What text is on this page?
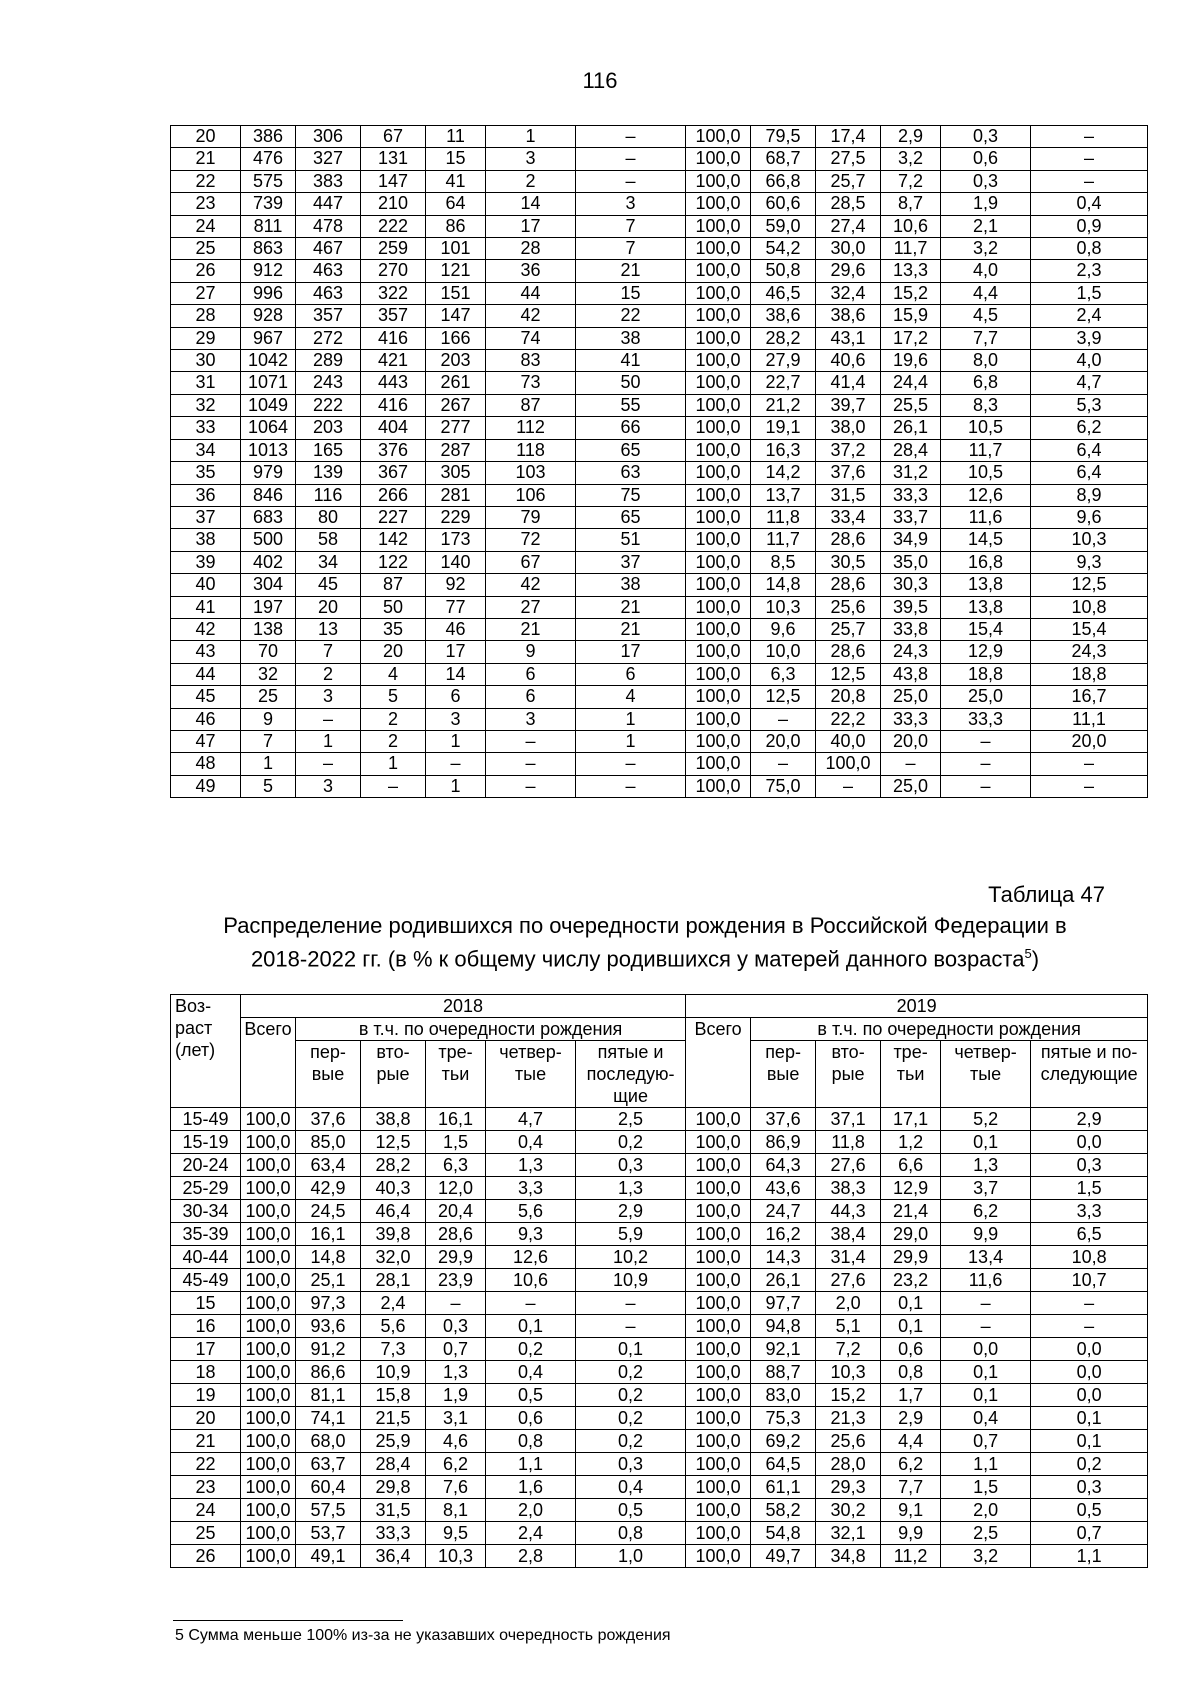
116
20	386	306	67	11	1	–	100,0	79,5	17,4	2,9	0,3	–
21	476	327	131	15	3	–	100,0	68,7	27,5	3,2	0,6	–
22	575	383	147	41	2	–	100,0	66,8	25,7	7,2	0,3	–
23	739	447	210	64	14	3	100,0	60,6	28,5	8,7	1,9	0,4
24	811	478	222	86	17	7	100,0	59,0	27,4	10,6	2,1	0,9
25	863	467	259	101	28	7	100,0	54,2	30,0	11,7	3,2	0,8
26	912	463	270	121	36	21	100,0	50,8	29,6	13,3	4,0	2,3
27	996	463	322	151	44	15	100,0	46,5	32,4	15,2	4,4	1,5
28	928	357	357	147	42	22	100,0	38,6	38,6	15,9	4,5	2,4
29	967	272	416	166	74	38	100,0	28,2	43,1	17,2	7,7	3,9
30	1042	289	421	203	83	41	100,0	27,9	40,6	19,6	8,0	4,0
31	1071	243	443	261	73	50	100,0	22,7	41,4	24,4	6,8	4,7
32	1049	222	416	267	87	55	100,0	21,2	39,7	25,5	8,3	5,3
33	1064	203	404	277	112	66	100,0	19,1	38,0	26,1	10,5	6,2
34	1013	165	376	287	118	65	100,0	16,3	37,2	28,4	11,7	6,4
35	979	139	367	305	103	63	100,0	14,2	37,6	31,2	10,5	6,4
36	846	116	266	281	106	75	100,0	13,7	31,5	33,3	12,6	8,9
37	683	80	227	229	79	65	100,0	11,8	33,4	33,7	11,6	9,6
38	500	58	142	173	72	51	100,0	11,7	28,6	34,9	14,5	10,3
39	402	34	122	140	67	37	100,0	8,5	30,5	35,0	16,8	9,3
40	304	45	87	92	42	38	100,0	14,8	28,6	30,3	13,8	12,5
41	197	20	50	77	27	21	100,0	10,3	25,6	39,5	13,8	10,8
42	138	13	35	46	21	21	100,0	9,6	25,7	33,8	15,4	15,4
43	70	7	20	17	9	17	100,0	10,0	28,6	24,3	12,9	24,3
44	32	2	4	14	6	6	100,0	6,3	12,5	43,8	18,8	18,8
45	25	3	5	6	6	4	100,0	12,5	20,8	25,0	25,0	16,7
46	9	–	2	3	3	1	100,0	–	22,2	33,3	33,3	11,1
47	7	1	2	1	–	1	100,0	20,0	40,0	20,0	–	20,0
48	1	–	1	–	–	–	100,0	–	100,0	–	–	–
49	5	3	–	1	–	–	100,0	75,0	–	25,0	–	–
Таблица 47
Распределение родившихся по очередности рождения в Российской Федерации в
2018-2022 гг. (в % к общему числу родившихся у матерей данного возраста$^5$)
Воз- раст (лет)	2018						2019					
	Всего	в т.ч. по очередности рождения					Всего	в т.ч. по очередности рождения				
		пер- вые	вто- рые	тре- тьи	четвер- тые	пятые и последую- щие		пер- вые	вто- рые	тре- тьи	четвер- тые	пятые и по- следующие
15-49	100,0	37,6	38,8	16,1	4,7	2,5	100,0	37,6	37,1	17,1	5,2	2,9
15-19	100,0	85,0	12,5	1,5	0,4	0,2	100,0	86,9	11,8	1,2	0,1	0,0
20-24	100,0	63,4	28,2	6,3	1,3	0,3	100,0	64,3	27,6	6,6	1,3	0,3
25-29	100,0	42,9	40,3	12,0	3,3	1,3	100,0	43,6	38,3	12,9	3,7	1,5
30-34	100,0	24,5	46,4	20,4	5,6	2,9	100,0	24,7	44,3	21,4	6,2	3,3
35-39	100,0	16,1	39,8	28,6	9,3	5,9	100,0	16,2	38,4	29,0	9,9	6,5
40-44	100,0	14,8	32,0	29,9	12,6	10,2	100,0	14,3	31,4	29,9	13,4	10,8
45-49	100,0	25,1	28,1	23,9	10,6	10,9	100,0	26,1	27,6	23,2	11,6	10,7
15	100,0	97,3	2,4	–	–	–	100,0	97,7	2,0	0,1	–	–
16	100,0	93,6	5,6	0,3	0,1	–	100,0	94,8	5,1	0,1	–	–
17	100,0	91,2	7,3	0,7	0,2	0,1	100,0	92,1	7,2	0,6	0,0	0,0
18	100,0	86,6	10,9	1,3	0,4	0,2	100,0	88,7	10,3	0,8	0,1	0,0
19	100,0	81,1	15,8	1,9	0,5	0,2	100,0	83,0	15,2	1,7	0,1	0,0
20	100,0	74,1	21,5	3,1	0,6	0,2	100,0	75,3	21,3	2,9	0,4	0,1
21	100,0	68,0	25,9	4,6	0,8	0,2	100,0	69,2	25,6	4,4	0,7	0,1
22	100,0	63,7	28,4	6,2	1,1	0,3	100,0	64,5	28,0	6,2	1,1	0,2
23	100,0	60,4	29,8	7,6	1,6	0,4	100,0	61,1	29,3	7,7	1,5	0,3
24	100,0	57,5	31,5	8,1	2,0	0,5	100,0	58,2	30,2	9,1	2,0	0,5
25	100,0	53,7	33,3	9,5	2,4	0,8	100,0	54,8	32,1	9,9	2,5	0,7
26	100,0	49,1	36,4	10,3	2,8	1,0	100,0	49,7	34,8	11,2	3,2	1,1
5 Сумма меньше 100% из-за не указавших очередность рождения
